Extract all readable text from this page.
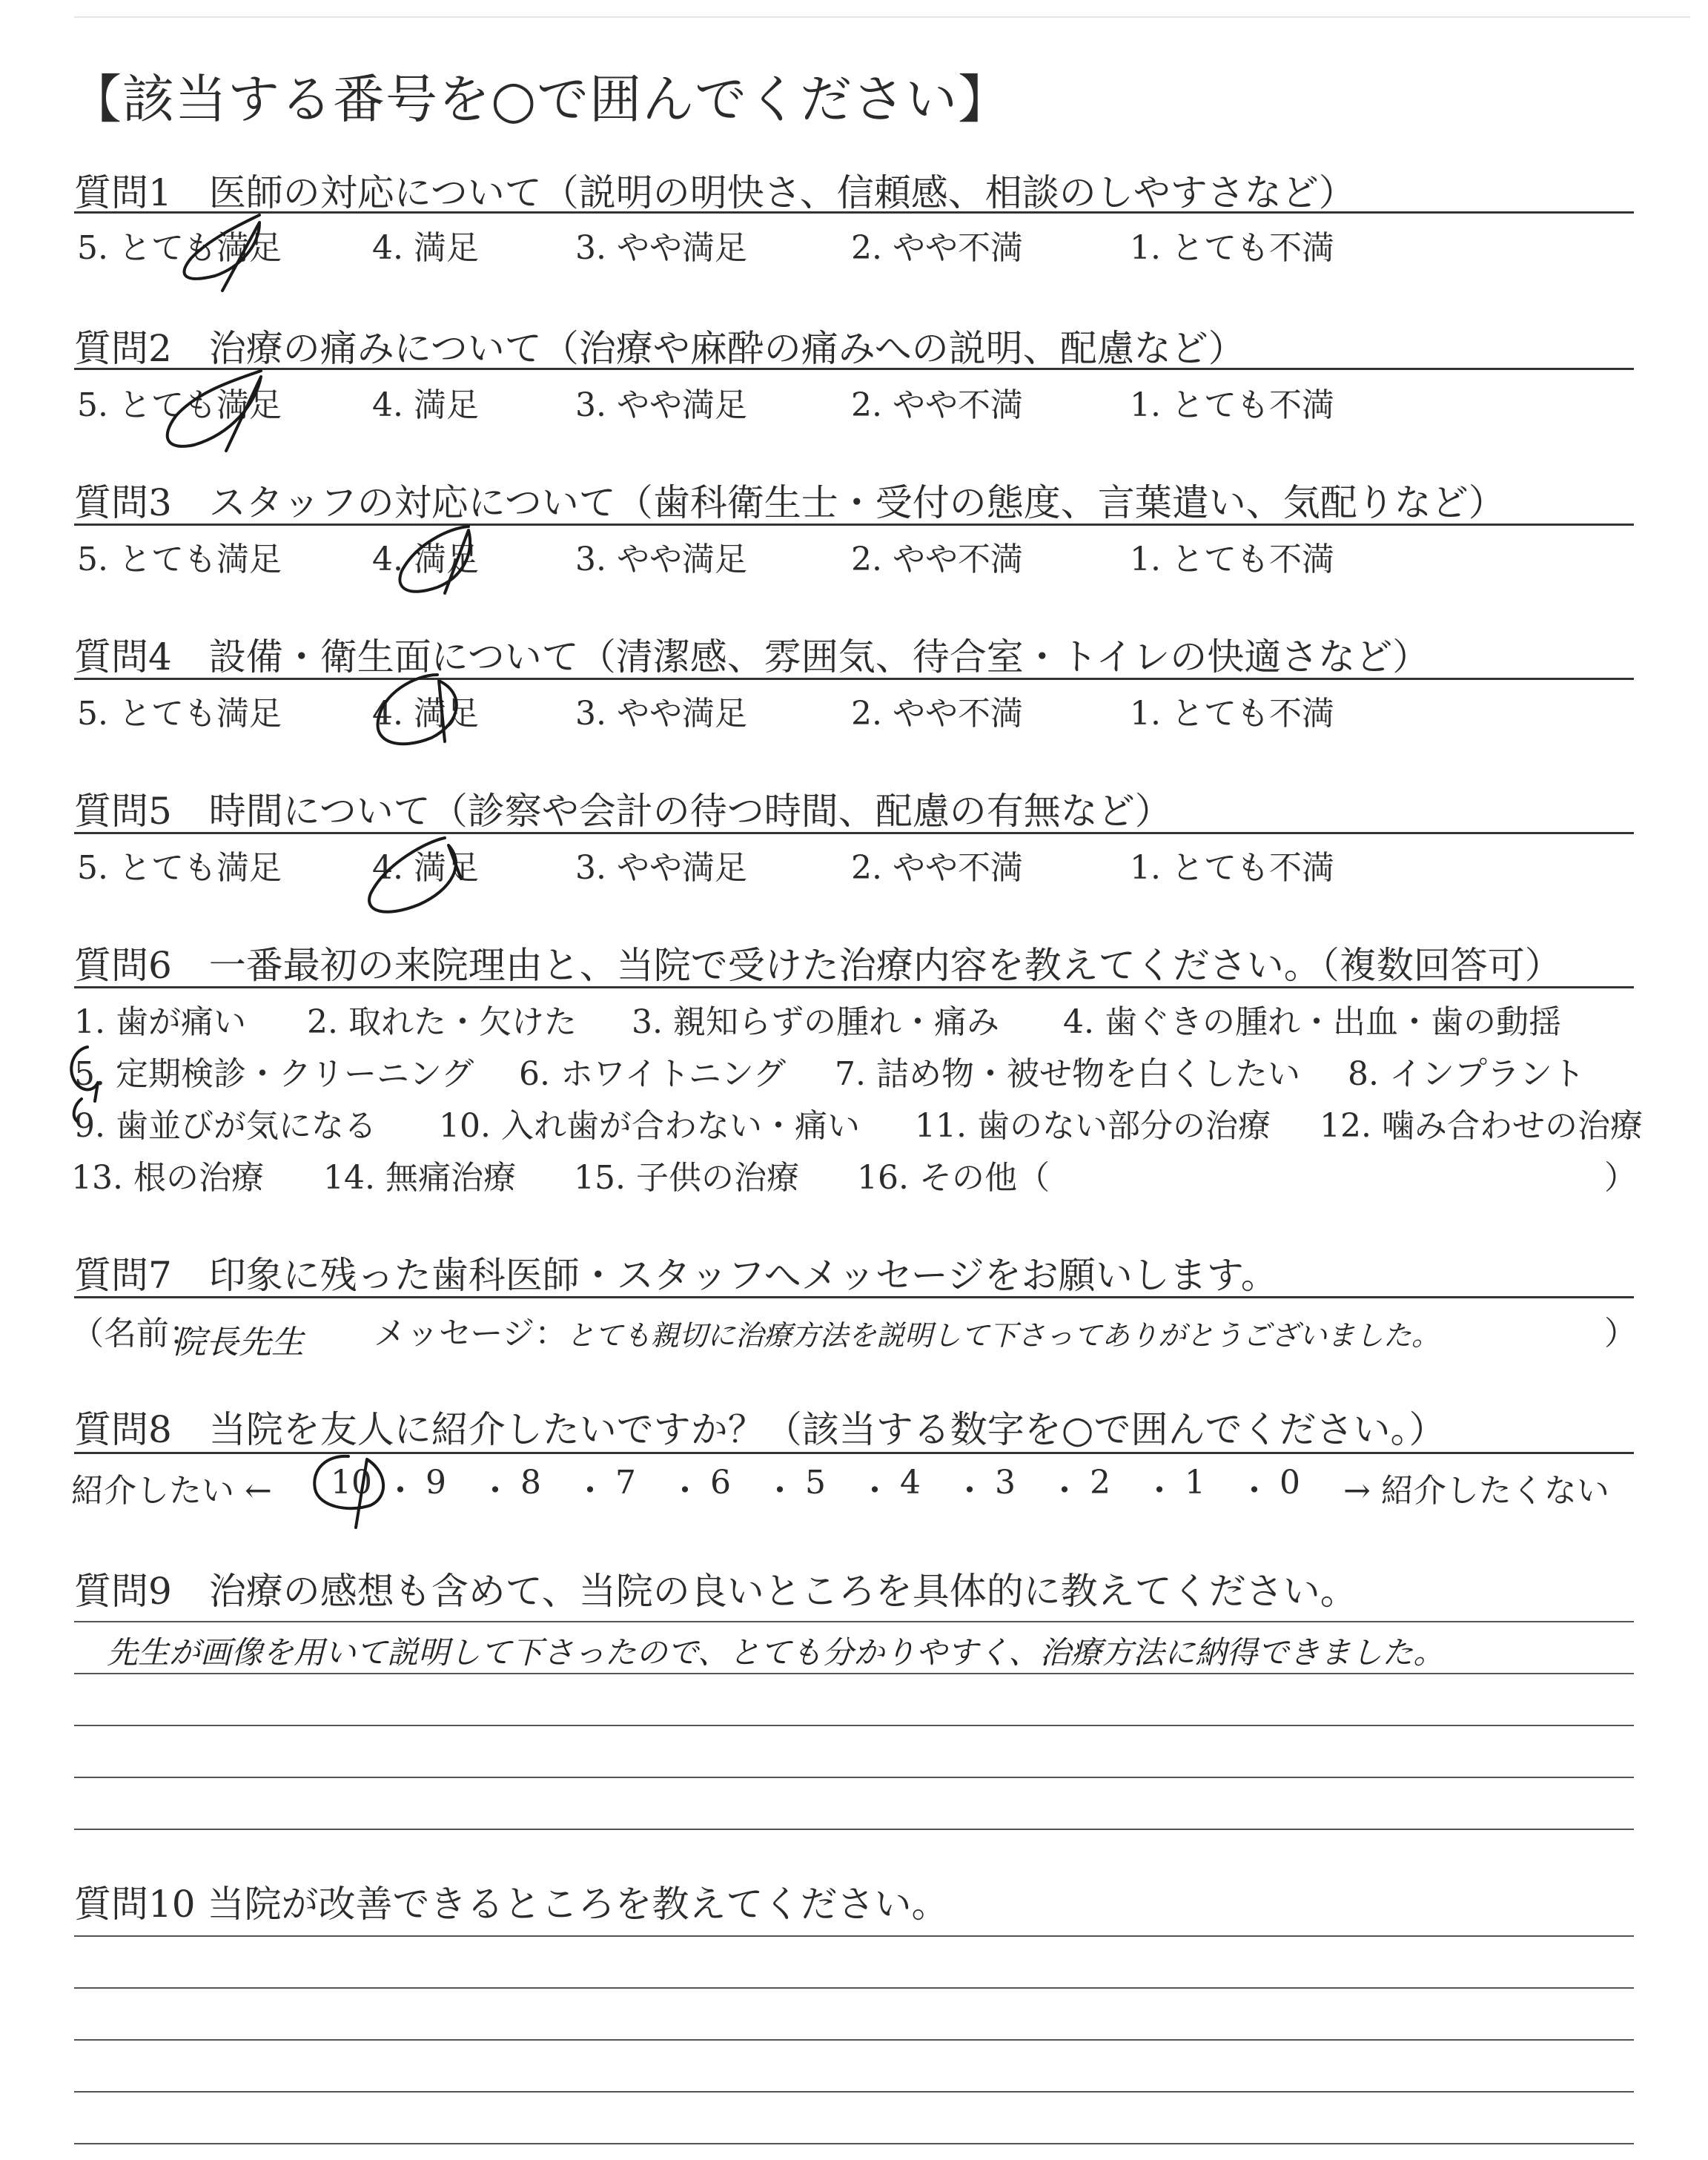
【該当する番号を○で囲んでください】
質問1　医師の対応について（説明の明快さ、信頼感、相談のしやすさなど）
5. とても満足	4. 満足	3. やや満足	2. やや不満	1. とても不満
質問2　治療の痛みについて（治療や麻酔の痛みへの説明、配慮など）
5. とても満足	4. 満足	3. やや満足	2. やや不満	1. とても不満
質問3　スタッフの対応について（歯科衛生士・受付の態度、言葉遣い、気配りなど）
5. とても満足	4. 満足	3. やや満足	2. やや不満	1. とても不満
質問4　設備・衛生面について（清潔感、雰囲気、待合室・トイレの快適さなど）
5. とても満足	4. 満足	3. やや満足	2. やや不満	1. とても不満
質問5　時間について（診察や会計の待つ時間、配慮の有無など）
5. とても満足	4. 満足	3. やや満足	2. やや不満	1. とても不満
質問6　一番最初の来院理由と、当院で受けた治療内容を教えてください。（複数回答可）
1. 歯が痛い 2. 取れた・欠けた 3. 親知らずの腫れ・痛み 4. 歯ぐきの腫れ・出血・歯の動揺
5. 定期検診・クリーニング 6. ホワイトニング 7. 詰め物・被せ物を白くしたい 8. インプラント
9. 歯並びが気になる 10. 入れ歯が合わない・痛い 11. 歯のない部分の治療 12. 噛み合わせの治療
13. 根の治療 14. 無痛治療 15. 子供の治療 16. その他（	）
質問7　印象に残った歯科医師・スタッフへメッセージをお願いします。
（名前：
院長先生 メッセージ：
とても親切に治療方法を説明して下さってありがとうございました。	）
質問8　当院を友人に紹介したいですか？（該当する数字を○で囲んでください。）
紹介したい ← 10 ・ 9 ・ 8 ・ 7 ・ 6 ・ 5 ・ 4 ・ 3 ・ 2 ・ 1 ・ 0 → 紹介したくない
質問9　治療の感想も含めて、当院の良いところを具体的に教えてください。
先生が画像を用いて説明して下さったので、とても分かりやすく、治療方法に納得できました。
質問10 当院が改善できるところを教えてください。
